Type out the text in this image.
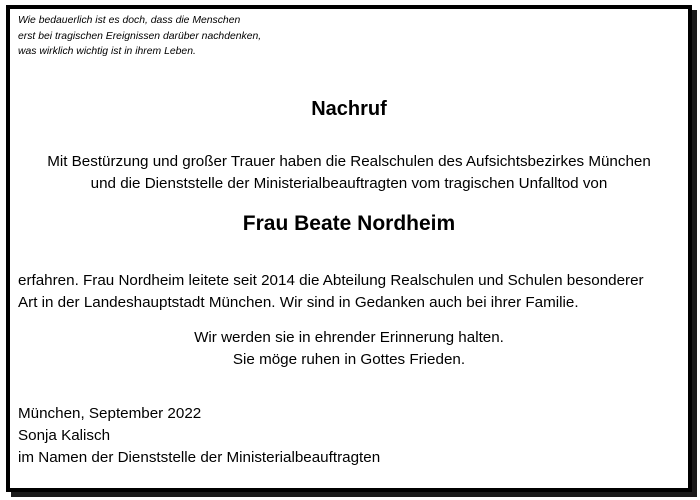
Wie bedauerlich ist es doch, dass die Menschen
erst bei tragischen Ereignissen darüber nachdenken,
was wirklich wichtig ist in ihrem Leben.

Nachruf

Mit Bestürzung und großer Trauer haben die Realschulen des Aufsichtsbezirkes München
und die Dienststelle der Ministerialbeauftragten vom tragischen Unfalltod von

Frau Beate Nordheim

erfahren. Frau Nordheim leitete seit 2014 die Abteilung Realschulen und Schulen besonderer
Art in der Landeshauptstadt München. Wir sind in Gedanken auch bei ihrer Familie.

Wir werden sie in ehrender Erinnerung halten.
Sie möge ruhen in Gottes Frieden.

München, September 2022
Sonja Kalisch
im Namen der Dienststelle der Ministerialbeauftragten
